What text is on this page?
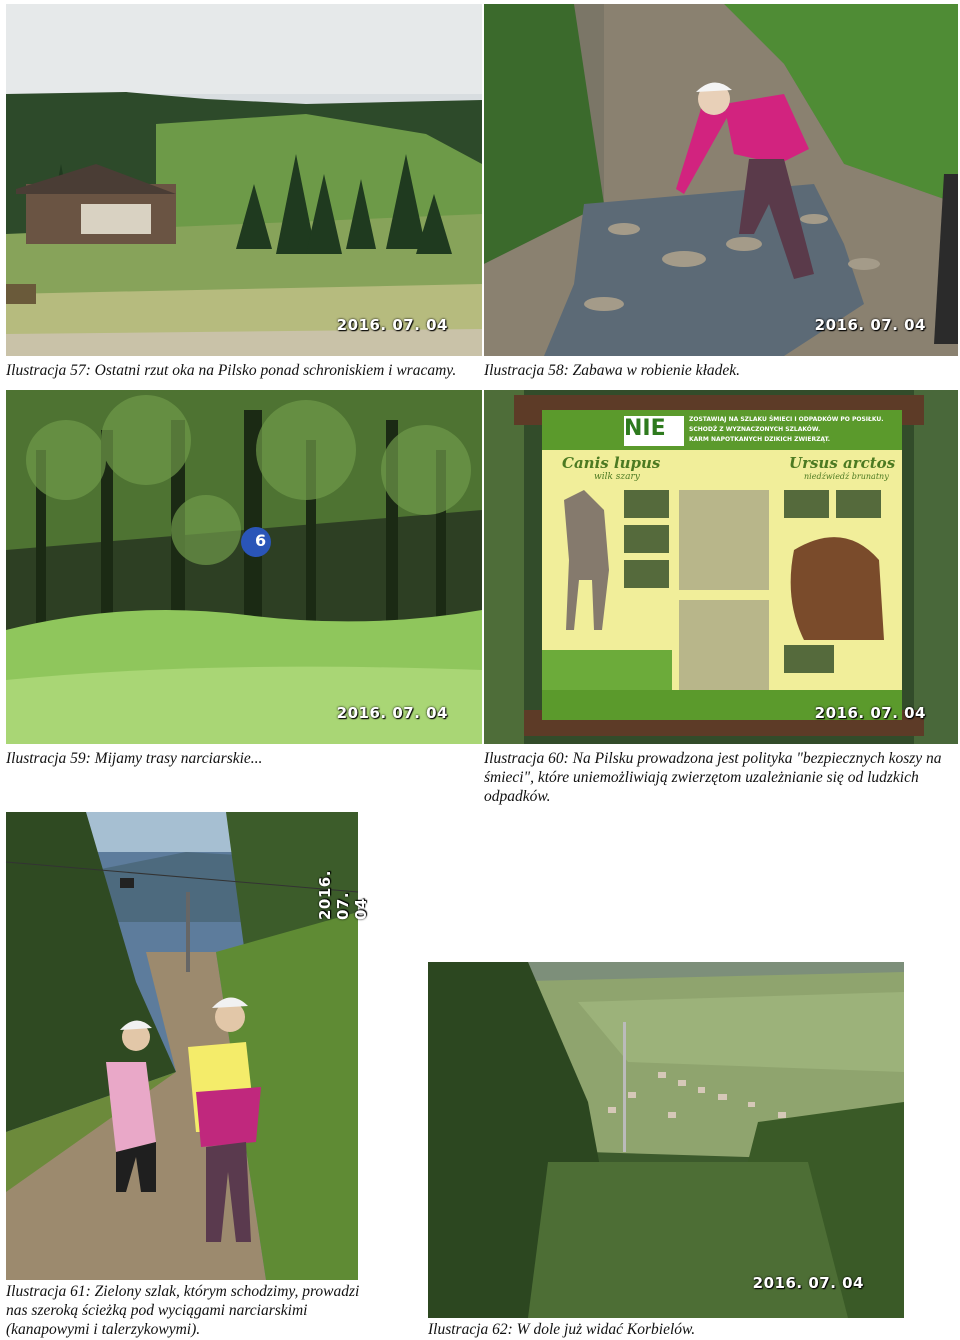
2016. 07. 04

Ilustracja 57: Ostatni rzut oka na Pilsko ponad schroniskiem i wracamy.

2016. 07. 04

Ilustracja 58: Zabawa w robienie kładek.

6
2016. 07. 04

Ilustracja 59: Mijamy trasy narciarskie...

NIE	ZOSTAWIAJ NA SZLAKU ŚMIECI I ODPADKÓW PO POSIŁKU.
SCHODŹ Z WYZNACZONYCH SZLAKÓW.
KARM NAPOTKANYCH DZIKICH ZWIERZĄT.
Canis lupus
wilk szary
Ursus arctos
niedźwiedź brunatny
2016. 07. 04

Ilustracja 60: Na Pilsku prowadzona jest polityka "bezpiecznych koszy na śmieci", które uniemożliwiają zwierzętom uzależnianie się od ludzkich odpadków.

2016. 07. 04

Ilustracja 61: Zielony szlak, którym schodzimy, prowadzi nas szeroką ścieżką pod wyciągami narciarskimi (kanapowymi i talerzykowymi).

2016. 07. 04

Ilustracja 62: W dole już widać Korbielów.
